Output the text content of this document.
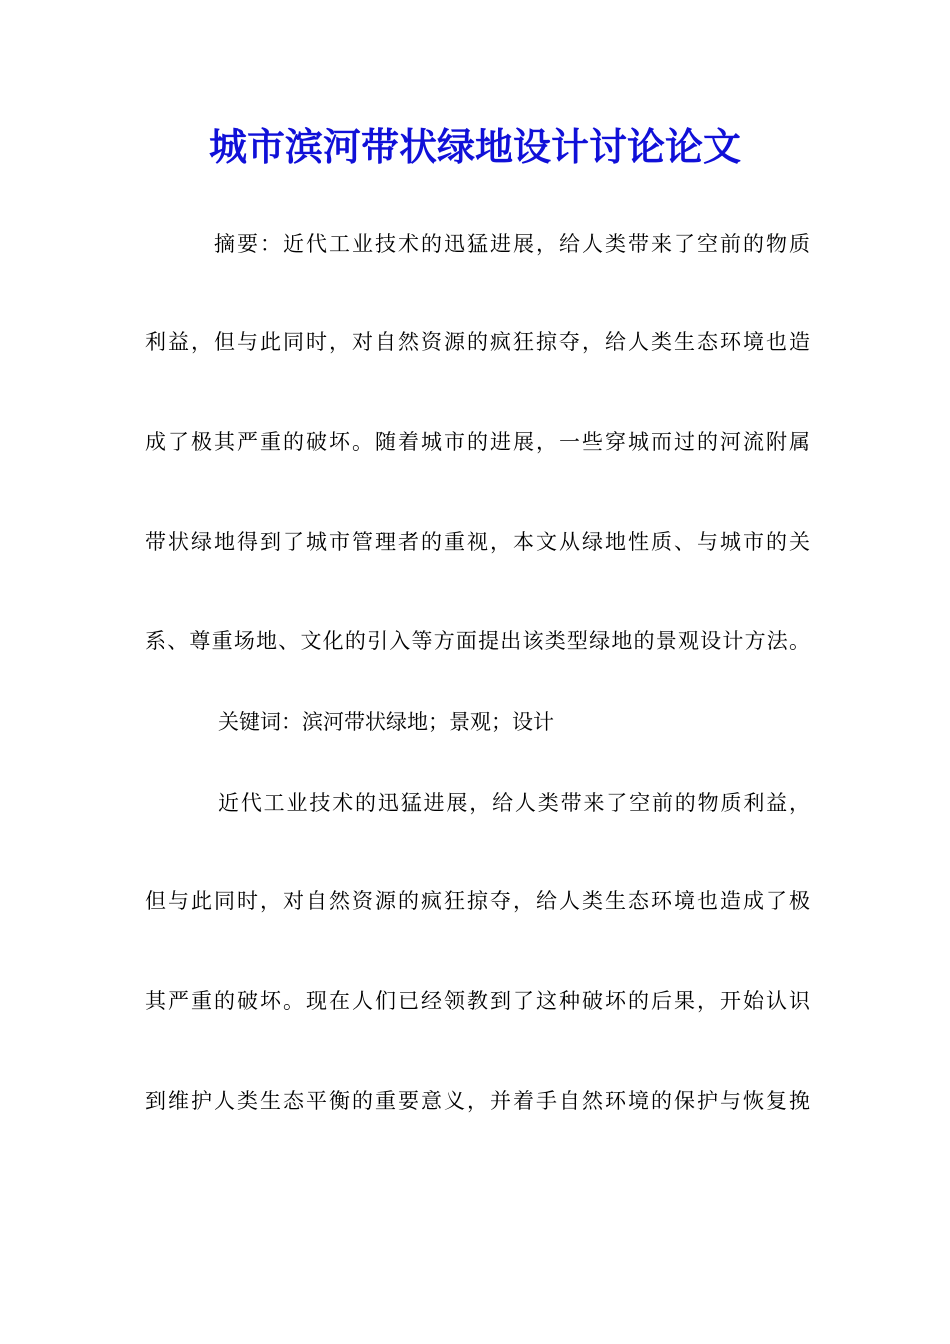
城市滨河带状绿地设计讨论论文
摘要：近代工业技术的迅猛进展，给人类带来了空前的物质
利益，但与此同时，对自然资源的疯狂掠夺，给人类生态环境也造
成了极其严重的破坏。随着城市的进展，一些穿城而过的河流附属
带状绿地得到了城市管理者的重视，本文从绿地性质、与城市的关
系、尊重场地、文化的引入等方面提出该类型绿地的景观设计方法。
关键词：滨河带状绿地；景观；设计
近代工业技术的迅猛进展，给人类带来了空前的物质利益，
但与此同时，对自然资源的疯狂掠夺，给人类生态环境也造成了极
其严重的破坏。现在人们已经领教到了这种破坏的后果，开始认识
到维护人类生态平衡的重要意义，并着手自然环境的保护与恢复挽
